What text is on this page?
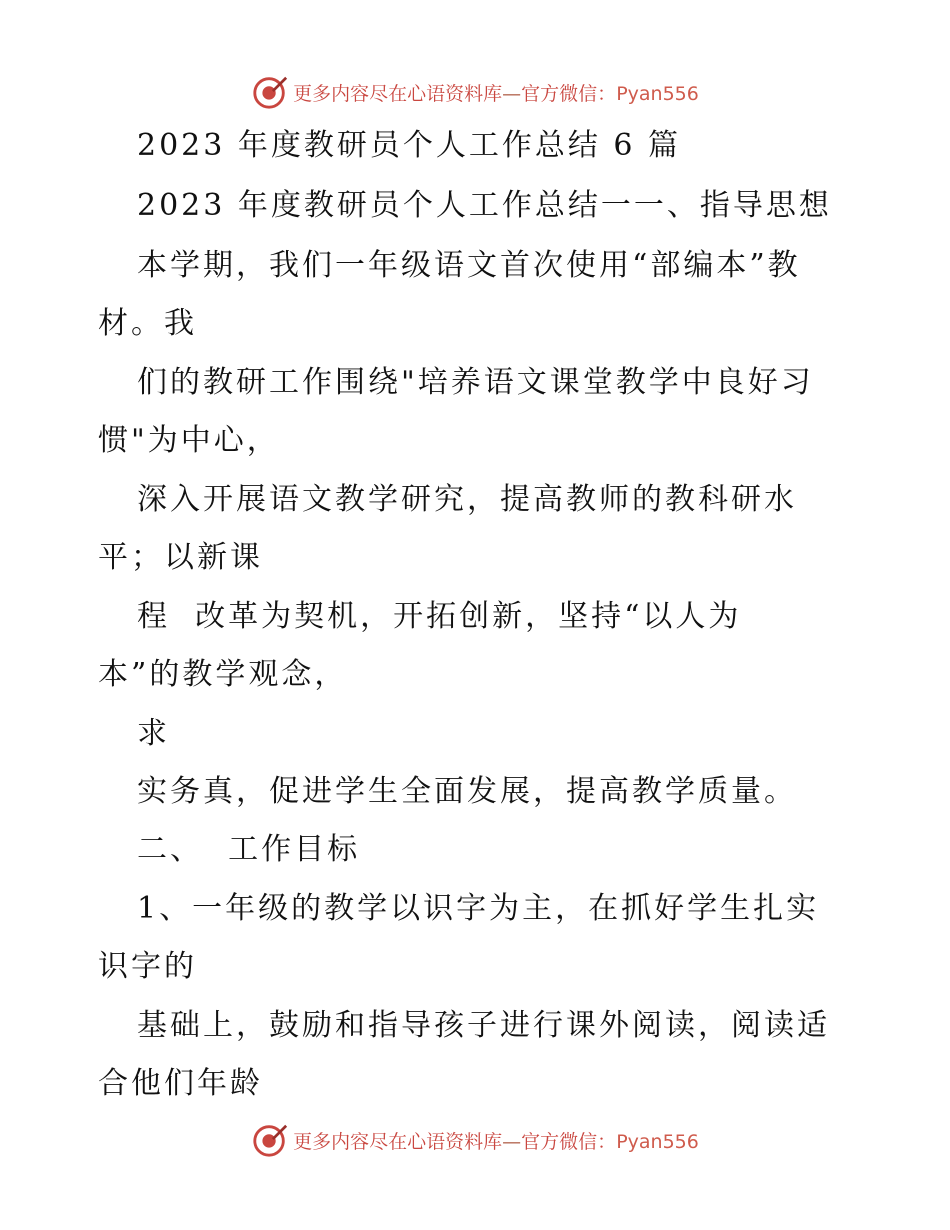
更多内容尽在心语资料库—官方微信：Pyan556
2023 年度教研员个人工作总结 6 篇
2023 年度教研员个人工作总结一一、指导思想
本学期，我们一年级语文首次使用“部编本”教
材。我
们的教研工作围绕"培养语文课堂教学中良好习
惯"为中心，
深入开展语文教学研究，提高教师的教科研水
平；以新课
程  改革为契机，开拓创新，坚持“以人为
本”的教学观念，
求
实务真，促进学生全面发展，提高教学质量。
二、  工作目标
1、一年级的教学以识字为主，在抓好学生扎实
识字的
基础上，鼓励和指导孩子进行课外阅读，阅读适
合他们年龄
更多内容尽在心语资料库—官方微信：Pyan556
